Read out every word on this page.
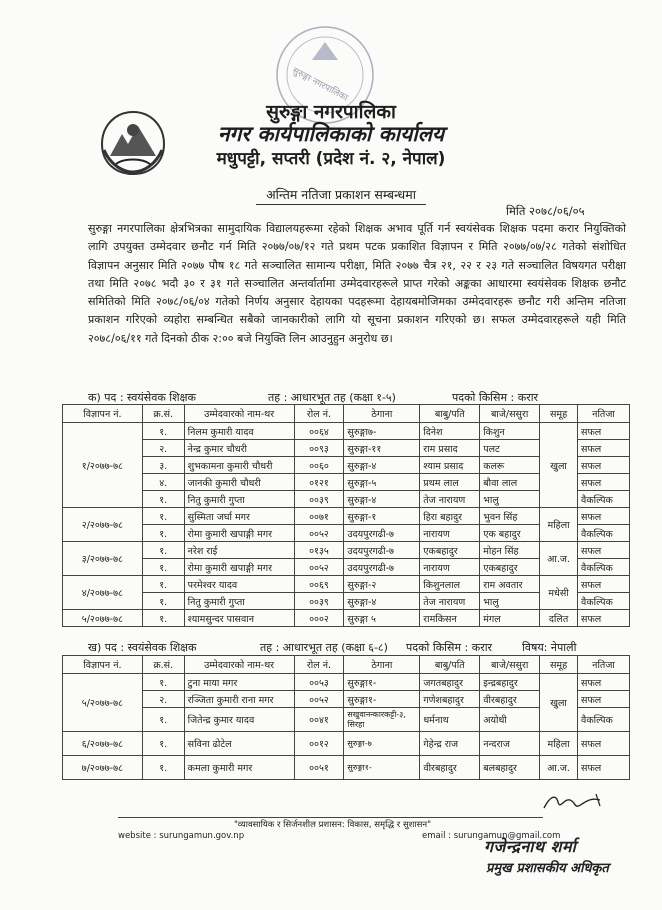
सुरुङ्गा नगरपालिका
सुरुङ्गा नगरपालिका
नगर कार्यपालिकाको कार्यालय
मधुपट्टी, सप्तरी (प्रदेश नं. २, नेपाल)
अन्तिम नतिजा प्रकाशन सम्बन्धमा
मिति २०७८/०६/०५
सुरुङ्गा नगरपालिका क्षेत्रभित्रका सामुदायिक विद्यालयहरूमा रहेको शिक्षक अभाव पूर्ति गर्न स्वयंसेवक शिक्षक पदमा करार नियुक्तिको लागि उपयुक्त उम्मेदवार छनौट गर्न मिति २०७७/०७/१२ गते प्रथम पटक प्रकाशित विज्ञापन र मिति २०७७/०७/२८ गतेको संशोधित विज्ञापन अनुसार मिति २०७७ पौष १८ गते सञ्चालित सामान्य परीक्षा, मिति २०७७ चैत्र २१, २२ र २३ गते सञ्चालित विषयगत परीक्षा तथा मिति २०७८ भदौ ३० र ३१ गते सञ्चालित अन्तर्वार्तामा उम्मेदवारहरूले प्राप्त गरेको अङ्कका आधारमा स्वयंसेवक शिक्षक छनौट समितिको मिति २०७८/०६/०४ गतेको निर्णय अनुसार देहायका पदहरूमा देहायबमोजिमका उम्मेदवारहरू छनौट गरी अन्तिम नतिजा प्रकाशन गरिएको व्यहोरा सम्बन्धित सबैको जानकारीको लागि यो सूचना प्रकाशन गरिएको छ। सफल उम्मेदवारहरूले यही मिति २०७८/०६/११ गते दिनको ठीक २:०० बजे नियुक्ति लिन आउनुहुन अनुरोध छ।
क) पद : स्वयंसेवक शिक्षक	तह : आधारभूत तह (कक्षा १-५)	पदको किसिम : करार
विज्ञापन नं.	क्र.सं.	उम्मेदवारको नाम-थर	रोल नं.	ठेगाना	बाबु/पति	बाजे/ससुरा	समूह	नतिजा
१/२०७७-७८	१.	निलम कुमारी यादव	००६४	सुरुङ्गा७-	दिनेश	किशुन	खुला	सफल
	२.	नेन्द्र कुमार चौधरी	००९३	सुरुङ्गा-११	राम प्रसाद	पलट		सफल
	३.	शुभकामना कुमारी चौधरी	००६०	सुरुङ्गा-४	श्याम प्रसाद	कलरू		सफल
	४.	जानकी कुमारी चौधरी	०१२१	सुरुङ्गा-५	प्रथम लाल	बौवा लाल		सफल
	१.	नितु कुमारी गुप्ता	००३९	सुरुङ्गा-४	तेज नारायण	भालु		वैकल्पिक
२/२०७७-७८	१.	सुस्मिता जर्घा मगर	००७१	सुरुङ्गा-१	हिरा बहादुर	भुवन सिंह	महिला	सफल
	१.	रोमा कुमारी खपाङ्गी मगर	००५२	उदयपुरगढी-७	नारायण	एक बहादुर		वैकल्पिक
३/२०७७-७८	१.	नरेश राई	०१३५	उदयपुरगढी-७	एकबहादुर	मोहन सिंह	आ.ज.	सफल
	१.	रोमा कुमारी खपाङ्गी मगर	००५२	उदयपुरगढी-७	नारायण	एकबहादुर		वैकल्पिक
४/२०७७-७८	१.	परमेश्वर यादव	००६९	सुरुङ्गा-२	किशुनलाल	राम अवतार	मधेसी	सफल
	१.	नितु कुमारी गुप्ता	००३९	सुरुङ्गा-४	तेज नारायण	भालु		वैकल्पिक
५/२०७७-७८	१.	श्यामसुन्दर पासवान	०००२	सुरुङ्गा ५	रामकिसन	मंगल	दलित	सफल
ख) पद : स्वयंसेवक शिक्षक	तह : आधारभूत तह (कक्षा ६-८) पदको किसिम : करार	विषय: नेपाली
विज्ञापन नं.	क्र.सं.	उम्मेदवारको नाम-थर	रोल नं.	ठेगाना	बाबु/पति	बाजे/ससुरा	समूह	नतिजा
५/२०७७-७८	१.	टुना माया मगर	००५३	सुरुङ्गा१-	जगतबहादुर	इन्द्रबहादुर	खुला	सफल
	२.	रञ्जिता कुमारी राना मगर	००५२	सुरुङ्गा१-	गणेशबहादुर	वीरबहादुर		सफल
	१.	जितेन्द्र कुमार यादव	००४१	सखुवानन्कारकट्टी-३, सिरहा	धर्मनाथ	अयोधी		वैकल्पिक
६/२०७७-७८	१.	सविना ढोटेल	००१२	सुरुङ्गा-७	गेहेन्द्र राज	नन्दराज	महिला	सफल
७/२०७७-७८	१.	कमला कुमारी मगर	००५१	सुरुङ्गा१-	वीरबहादुर	बलबहादुर	आ.ज.	सफल
"व्यावसायिक र सिर्जनशील प्रशासन: विकास, समृद्धि र सुशासन"
website : surungamun.gov.np	email : surungamun@gmail.com
गजेन्द्रनाथ शर्मा
प्रमुख प्रशासकीय अधिकृत
